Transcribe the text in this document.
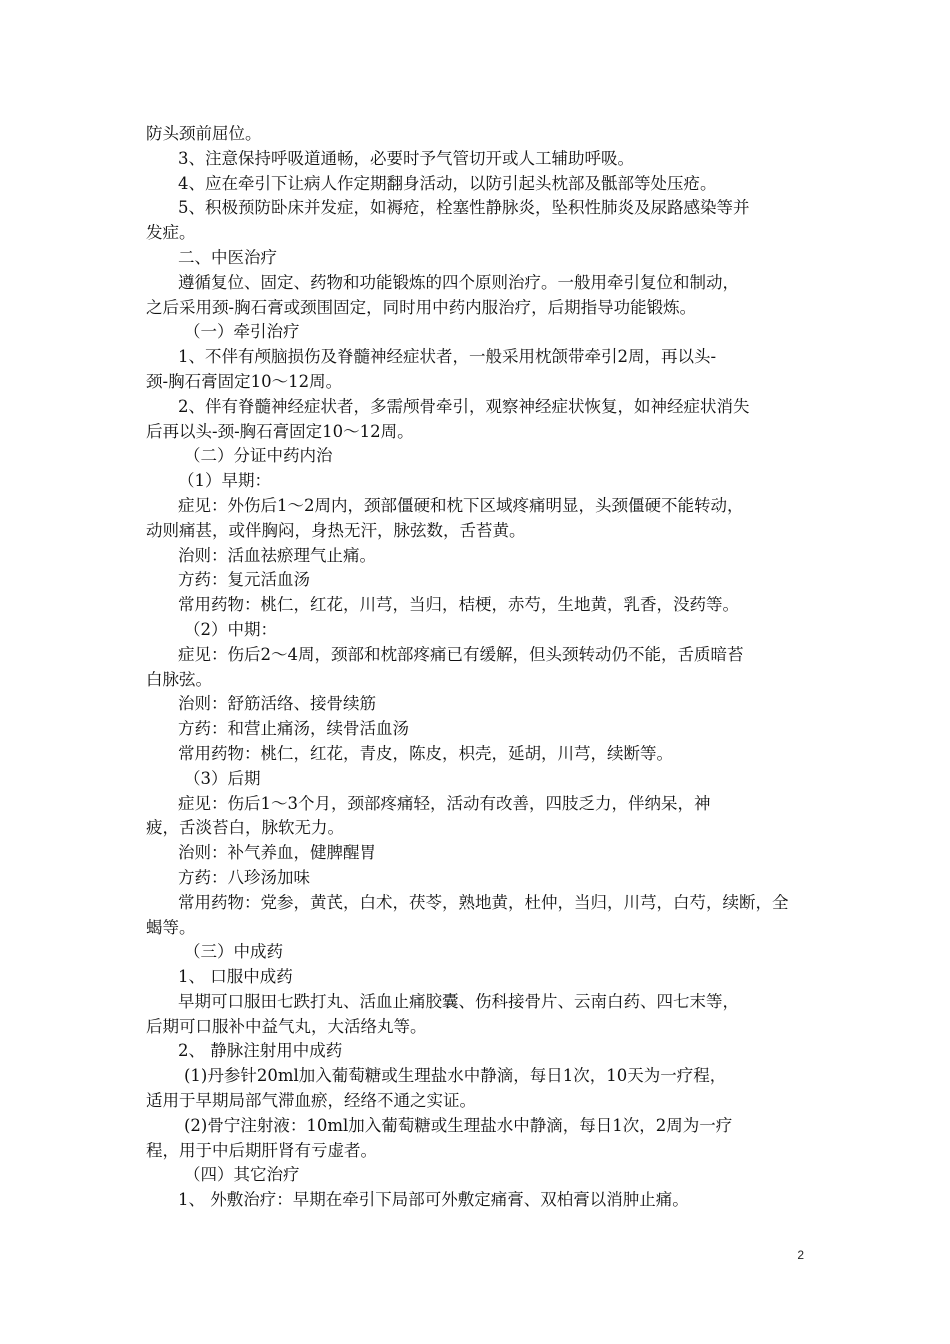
防头颈前屈位。
3、注意保持呼吸道通畅，必要时予气管切开或人工辅助呼吸。
4、应在牵引下让病人作定期翻身活动，以防引起头枕部及骶部等处压疮。
5、积极预防卧床并发症，如褥疮，栓塞性静脉炎，坠积性肺炎及尿路感染等并
发症。
二、中医治疗
遵循复位、固定、药物和功能锻炼的四个原则治疗。一般用牵引复位和制动，
之后采用颈-胸石膏或颈围固定，同时用中药内服治疗，后期指导功能锻炼。
（一）牵引治疗
1、不伴有颅脑损伤及脊髓神经症状者，一般采用枕颌带牵引2周，再以头-
颈-胸石膏固定10～12周。
2、伴有脊髓神经症状者，多需颅骨牵引，观察神经症状恢复，如神经症状消失
后再以头-颈-胸石膏固定10～12周。
（二）分证中药内治
（1）早期：
症见：外伤后1～2周内，颈部僵硬和枕下区域疼痛明显，头颈僵硬不能转动，
动则痛甚，或伴胸闷，身热无汗，脉弦数，舌苔黄。
治则：活血祛瘀理气止痛。
方药：复元活血汤
常用药物：桃仁，红花，川芎，当归，桔梗，赤芍，生地黄，乳香，没药等。
（2）中期：
症见：伤后2～4周，颈部和枕部疼痛已有缓解，但头颈转动仍不能，舌质暗苔
白脉弦。
治则：舒筋活络、接骨续筋
方药：和营止痛汤，续骨活血汤
常用药物：桃仁，红花，青皮，陈皮，枳壳，延胡，川芎，续断等。
（3）后期
症见：伤后1～3个月，颈部疼痛轻，活动有改善，四肢乏力，伴纳呆，神
疲，舌淡苔白，脉软无力。
治则：补气养血，健脾醒胃
方药：八珍汤加味
常用药物：党参，黄芪，白术，茯苓，熟地黄，杜仲，当归，川芎，白芍，续断，全
蝎等。
（三）中成药
1、 口服中成药
早期可口服田七跌打丸、活血止痛胶囊、伤科接骨片、云南白药、四七末等，
后期可口服补中益气丸，大活络丸等。
2、 静脉注射用中成药
(1)丹参针20ml加入葡萄糖或生理盐水中静滴，每日1次，10天为一疗程，
适用于早期局部气滞血瘀，经络不通之实证。
(2)骨宁注射液：10ml加入葡萄糖或生理盐水中静滴，每日1次，2周为一疗
程，用于中后期肝肾有亏虚者。
（四）其它治疗
1、 外敷治疗：早期在牵引下局部可外敷定痛膏、双柏膏以消肿止痛。
2
